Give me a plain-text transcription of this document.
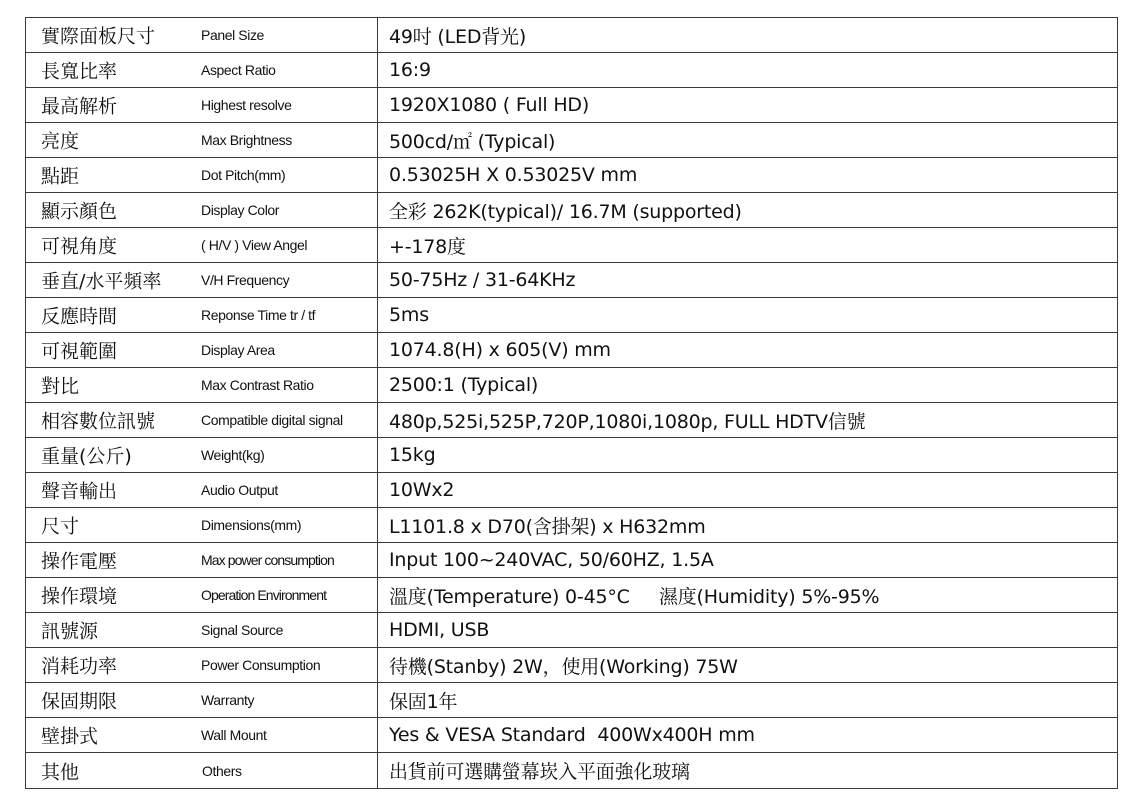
實際面板尺寸 Panel Size	49吋 (LED背光)

長寬比率 Aspect Ratio	16:9

最高解析 Highest resolve	1920X1080 ( Full HD)

亮度 Max Brightness	500cd/㎡ (Typical)

點距 Dot Pitch(mm)	0.53025H X 0.53025V mm

顯示顏色 Display Color	全彩 262K(typical)/ 16.7M (supported)

可視角度 ( H/V ) View Angel	+-178度

垂直/水平頻率 V/H Frequency	50-75Hz / 31-64KHz

反應時間 Reponse Time tr / tf	5ms

可視範圍 Display Area	1074.8(H) x 605(V) mm

對比 Max Contrast Ratio	2500:1 (Typical)

相容數位訊號 Compatible digital signal	480p,525i,525P,720P,1080i,1080p, FULL HDTV信號

重量(公斤) Weight(kg)	15kg

聲音輸出 Audio Output	10Wx2

尺寸 Dimensions(mm)	L1101.8 x D70(含掛架) x H632mm

操作電壓 Max power consumption	Input 100~240VAC, 50/60HZ, 1.5A

操作環境 Operation Environment	溫度(Temperature) 0-45°C     濕度(Humidity) 5%-95%

訊號源 Signal Source	HDMI, USB

消耗功率 Power Consumption	待機(Stanby) 2W，使用(Working) 75W

保固期限 Warranty	保固1年

壁掛式 Wall Mount	Yes & VESA Standard  400Wx400H mm

其他 Others	出貨前可選購螢幕崁入平面強化玻璃
